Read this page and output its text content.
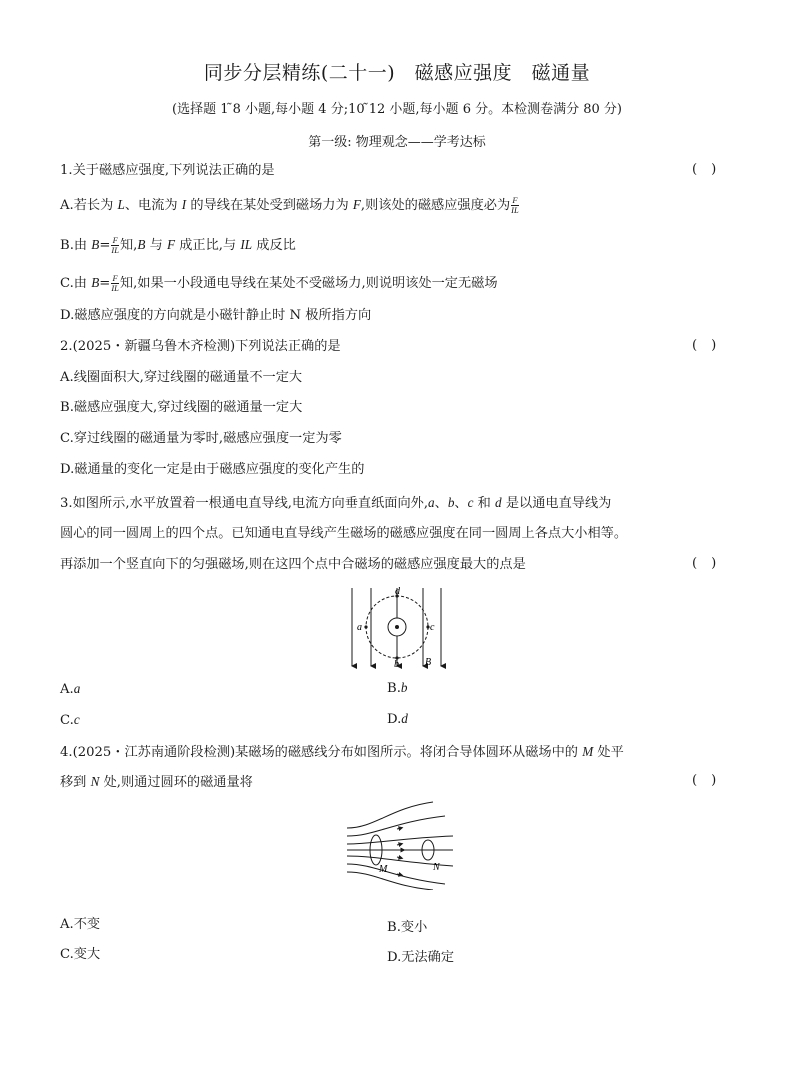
同步分层精练(二十一)　磁感应强度　磁通量
(选择题 1 ̃8 小题,每小题 4 分;10 ̃12 小题,每小题 6 分。本检测卷满分 80 分)
第一级: 物理观念——学考达标
1.关于磁感应强度,下列说法正确的是	()
A.若长为 L、电流为 I 的导线在某处受到磁场力为 F,则该处的磁感应强度必为 $\frac{F}{IL}$
B.由 $B= \frac{F}{IL}$ 知,B 与 F 成正比,与 IL 成反比
C.由 $B= \frac{F}{IL}$ 知,如果一小段通电导线在某处不受磁场力,则说明该处一定无磁场
D.磁感应强度的方向就是小磁针静止时 N 极所指方向
2.(2025・新疆乌鲁木齐检测)下列说法正确的是	()
A.线圈面积大,穿过线圈的磁通量不一定大
B.磁感应强度大,穿过线圈的磁通量一定大
C.穿过线圈的磁通量为零时,磁感应强度一定为零
D.磁通量的变化一定是由于磁感应强度的变化产生的
3.如图所示,水平放置着一根通电直导线,电流方向垂直纸面向外,a、b、c 和 d 是以通电直导线为
圆心的同一圆周上的四个点。已知通电直导线产生磁场的磁感应强度在同一圆周上各点大小相等。
再添加一个竖直向下的匀强磁场,则在这四个点中合磁场的磁感应强度最大的点是	()
d
b
a	c
B
A.a	B.b
C.c	D.d
4.(2025・江苏南通阶段检测)某磁场的磁感线分布如图所示。将闭合导体圆环从磁场中的 M 处平
移到 N 处,则通过圆环的磁通量将	()
M	N
A.不变	B.变小
C.变大	D.无法确定
